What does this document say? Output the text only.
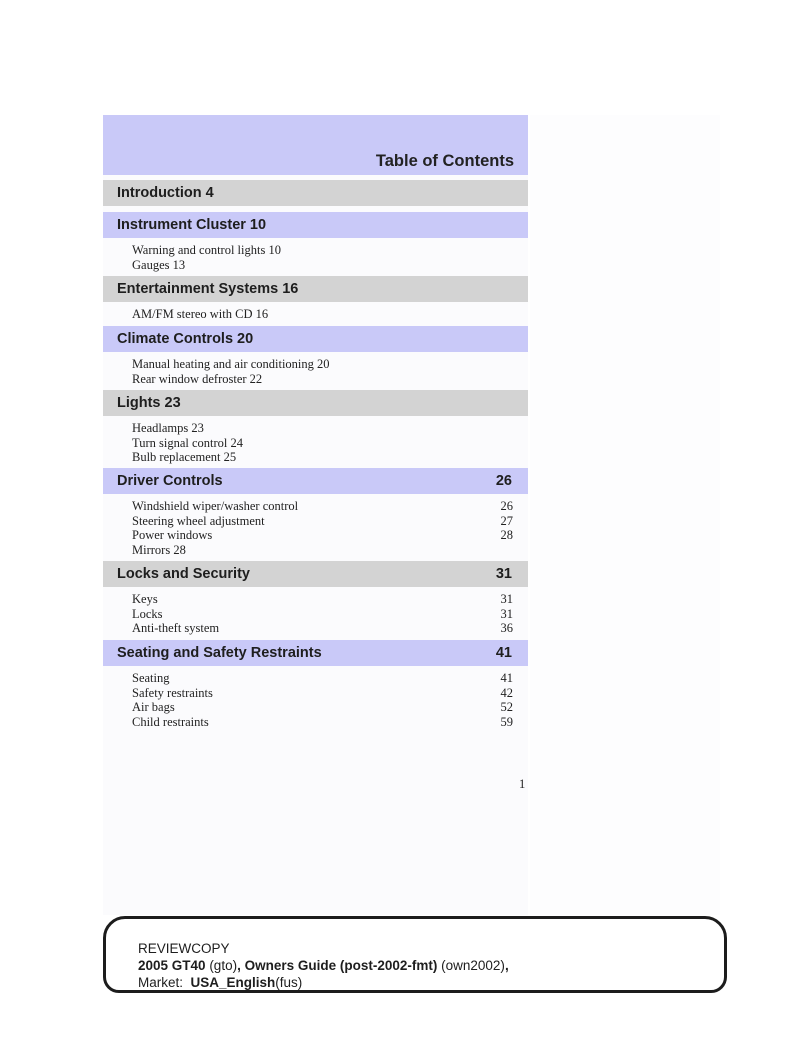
Table of Contents
Introduction 4
Instrument Cluster 10
Warning and control lights 10
Gauges 13
Entertainment Systems 16
AM/FM stereo with CD 16
Climate Controls 20
Manual heating and air conditioning 20
Rear window defroster 22
Lights 23
Headlamps 23
Turn signal control 24
Bulb replacement 25
Driver Controls	26
Windshield wiper/washer control	26
Steering wheel adjustment	27
Power windows	28
Mirrors 28
Locks and Security	31
Keys	31
Locks	31
Anti-theft system	36
Seating and Safety Restraints	41
Seating	41
Safety restraints	42
Air bags	52
Child restraints	59
1
REVIEWCOPY
2005 GT40 (gto), Owners Guide (post-2002-fmt) (own2002),
Market: USA_English(fus)
